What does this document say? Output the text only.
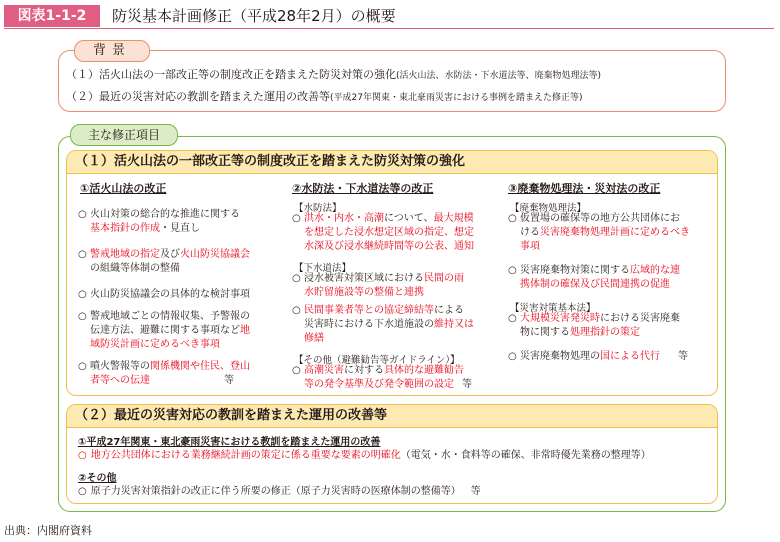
図表1-1-2	防災基本計画修正（平成28年2月）の概要
背景
（１）活火山法の一部改正等の制度改正を踏まえた防災対策の強化(活火山法、水防法・下水道法等、廃棄物処理法等)
（２）最近の災害対応の教訓を踏まえた運用の改善等(平成27年関東・東北豪雨災害における事例を踏まえた修正等)
主な修正項目
（１）活火山法の一部改正等の制度改正を踏まえた防災対策の強化
①活火山法の改正
○ 火山対策の総合的な推進に関する
基本指針の作成・見直し
○ 警戒地域の指定及び火山防災協議会
の組織等体制の整備
○ 火山防災協議会の具体的な検討事項
○ 警戒地域ごとの情報収集、予警報の
伝達方法、避難に関する事項など地
域防災計画に定めるべき事項
○ 噴火警報等の関係機関や住民、登山
者等への伝達	等
②水防法・下水道法等の改正
【水防法】
○ 洪水・内水・高潮について、最大規模
を想定した浸水想定区域の指定、想定
水深及び浸水継続時間等の公表、通知
【下水道法】
○ 浸水被害対策区域における民間の雨
水貯留施設等の整備と連携
○ 民間事業者等との協定締結等による
災害時における下水道施設の維持又は
修繕
【その他（避難勧告等ガイドライン）】
○ 高潮災害に対する具体的な避難勧告
等の発令基準及び発令範囲の設定 等
③廃棄物処理法・災対法の改正
【廃棄物処理法】
○ 仮置場の確保等の地方公共団体にお
ける災害廃棄物処理計画に定めるべき
事項
○ 災害廃棄物対策に関する広域的な連
携体制の確保及び民間連携の促進
【災害対策基本法】
○ 大規模災害発災時における災害廃棄
物に関する処理指針の策定
○ 災害廃棄物処理の国による代行 等
（２）最近の災害対応の教訓を踏まえた運用の改善等
①平成27年関東・東北豪雨災害における教訓を踏まえた運用の改善
○ 地方公共団体における業務継続計画の策定に係る重要な要素の明確化（電気・水・食料等の確保、非常時優先業務の整理等）
②その他
○ 原子力災害対策指針の改正に伴う所要の修正（原子力災害時の医療体制の整備等） 等
出典：内閣府資料
